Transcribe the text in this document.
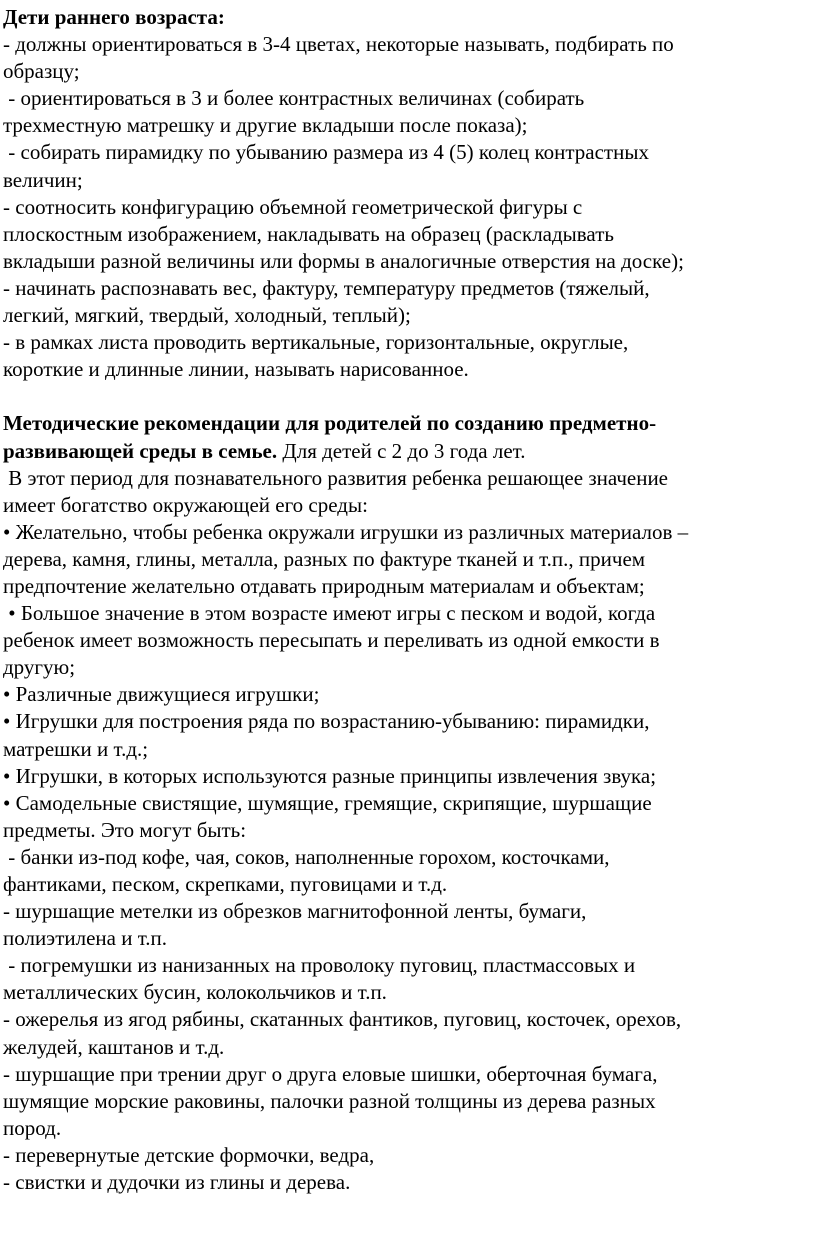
Дети раннего возраста:
- должны ориентироваться в 3-4 цветах, некоторые называть, подбирать по
образцу;
- ориентироваться в 3 и более контрастных величинах (собирать
трехместную матрешку и другие вкладыши после показа);
- собирать пирамидку по убыванию размера из 4 (5) колец контрастных
величин;
- соотносить конфигурацию объемной геометрической фигуры с
плоскостным изображением, накладывать на образец (раскладывать
вкладыши разной величины или формы в аналогичные отверстия на доске);
- начинать распознавать вес, фактуру, температуру предметов (тяжелый,
легкий, мягкий, твердый, холодный, теплый);
- в рамках листа проводить вертикальные, горизонтальные, округлые,
короткие и длинные линии, называть нарисованное.
Методические рекомендации для родителей по созданию предметно-
развивающей среды в семье. Для детей с 2 до 3 года лет.
В этот период для познавательного развития ребенка решающее значение
имеет богатство окружающей его среды:
• Желательно, чтобы ребенка окружали игрушки из различных материалов –
дерева, камня, глины, металла, разных по фактуре тканей и т.п., причем
предпочтение желательно отдавать природным материалам и объектам;
• Большое значение в этом возрасте имеют игры с песком и водой, когда
ребенок имеет возможность пересыпать и переливать из одной емкости в
другую;
• Различные движущиеся игрушки;
• Игрушки для построения ряда по возрастанию-убыванию: пирамидки,
матрешки и т.д.;
• Игрушки, в которых используются разные принципы извлечения звука;
• Самодельные свистящие, шумящие, гремящие, скрипящие, шуршащие
предметы. Это могут быть:
- банки из-под кофе, чая, соков, наполненные горохом, косточками,
фантиками, песком, скрепками, пуговицами и т.д.
- шуршащие метелки из обрезков магнитофонной ленты, бумаги,
полиэтилена и т.п.
- погремушки из нанизанных на проволоку пуговиц, пластмассовых и
металлических бусин, колокольчиков и т.п.
- ожерелья из ягод рябины, скатанных фантиков, пуговиц, косточек, орехов,
желудей, каштанов и т.д.
- шуршащие при трении друг о друга еловые шишки, оберточная бумага,
шумящие морские раковины, палочки разной толщины из дерева разных
пород.
- перевернутые детские формочки, ведра,
- свистки и дудочки из глины и дерева.
